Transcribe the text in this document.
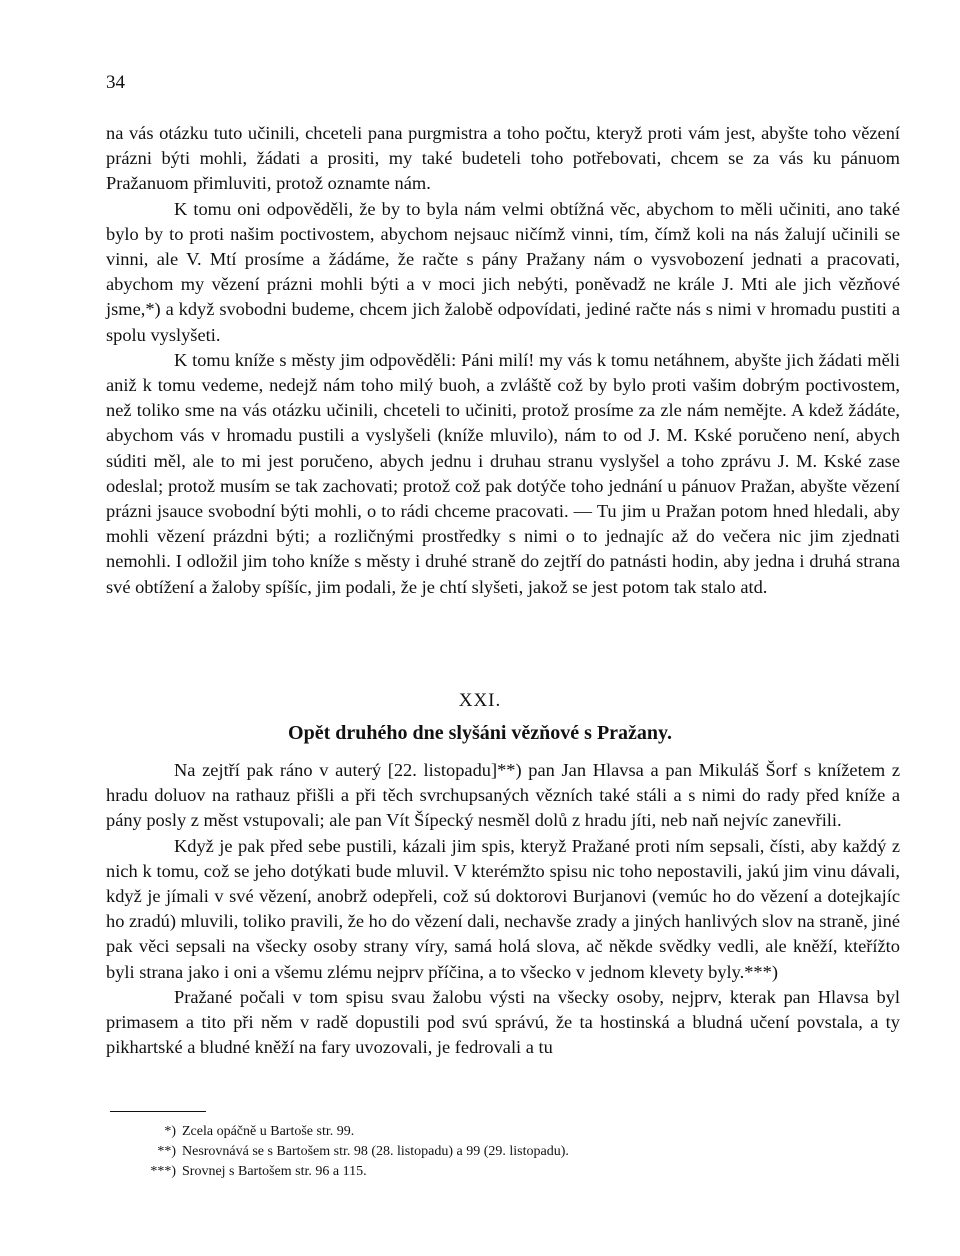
34

na vás otázku tuto učinili, chceteli pana purgmistra a toho počtu, kteryž proti vám jest, abyšte toho vězení prázni býti mohli, žádati a prositi, my také budeteli toho potřebovati, chcem se za vás ku pánuom Pražanuom přimluviti, protož oznamte nám.

K tomu oni odpověděli, že by to byla nám velmi obtížná věc, abychom to měli učiniti, ano také bylo by to proti našim poctivostem, abychom nejsauc ničímž vinni, tím, čímž koli na nás žalují učinili se vinni, ale V. Mtí prosíme a žádáme, že račte s pány Pražany nám o vysvobození jednati a pracovati, abychom my vězení prázni mohli býti a v moci jich nebýti, poněvadž ne krále J. Mti ale jich vězňové jsme,*) a když svobodni budeme, chcem jich žalobě odpovídati, jediné račte nás s nimi v hromadu pustiti a spolu vyslyšeti.

K tomu kníže s městy jim odpověděli: Páni milí! my vás k tomu netáhnem, abyšte jich žádati měli aniž k tomu vedeme, nedejž nám toho milý buoh, a zvláště což by bylo proti vašim dobrým poctivostem, než toliko sme na vás otázku učinili, chceteli to učiniti, protož prosíme za zle nám nemějte. A kdež žádáte, abychom vás v hromadu pustili a vyslyšeli (kníže mluvilo), nám to od J. M. Kské poručeno není, abych súditi měl, ale to mi jest poručeno, abych jednu i druhau stranu vyslyšel a toho zprávu J. M. Kské zase odeslal; protož musím se tak zachovati; protož což pak dotýče toho jednání u pánuov Pražan, abyšte vězení prázni jsauce svobodní býti mohli, o to rádi chceme pracovati. — Tu jim u Pražan potom hned hledali, aby mohli vězení prázdni býti; a rozličnými prostředky s nimi o to jednajíc až do večera nic jim zjednati nemohli. I odložil jim toho kníže s městy i druhé straně do zejtří do patnásti hodin, aby jedna i druhá strana své obtížení a žaloby spíšíc, jim podali, že je chtí slyšeti, jakož se jest potom tak stalo atd.

XXI.
Opět druhého dne slyšáni vězňové s Pražany.

Na zejtří pak ráno v auterý [22. listopadu]**) pan Jan Hlavsa a pan Mikuláš Šorf s knížetem z hradu doluov na rathauz přišli a při těch svrchupsaných vězních také stáli a s nimi do rady před kníže a pány posly z měst vstupovali; ale pan Vít Šípecký nesměl dolů z hradu jíti, neb naň nejvíc zanevřili.

Když je pak před sebe pustili, kázali jim spis, kteryž Pražané proti ním sepsali, čísti, aby každý z nich k tomu, což se jeho dotýkati bude mluvil. V kterémžto spisu nic toho nepostavili, jakú jim vinu dávali, když je jímali v své vězení, anobrž odepřeli, což sú doktorovi Burjanovi (vemúc ho do vězení a dotejkajíc ho zradú) mluvili, toliko pravili, že ho do vězení dali, nechavše zrady a jiných hanlivých slov na straně, jiné pak věci sepsali na všecky osoby strany víry, samá holá slova, ač někde svědky vedli, ale kněží, kteřížto byli strana jako i oni a všemu zlému nejprv příčina, a to všecko v jednom klevety byly.***)

Pražané počali v tom spisu svau žalobu výsti na všecky osoby, nejprv, kterak pan Hlavsa byl primasem a tito při něm v radě dopustili pod svú správú, že ta hostinská a bludná učení povstala, a ty pikhartské a bludné kněží na fary uvozovali, je fedrovali a tu

*) Zcela opáčně u Bartoše str. 99.

**) Nesrovnává se s Bartošem str. 98 (28. listopadu) a 99 (29. listopadu).

***) Srovnej s Bartošem str. 96 a 115.
